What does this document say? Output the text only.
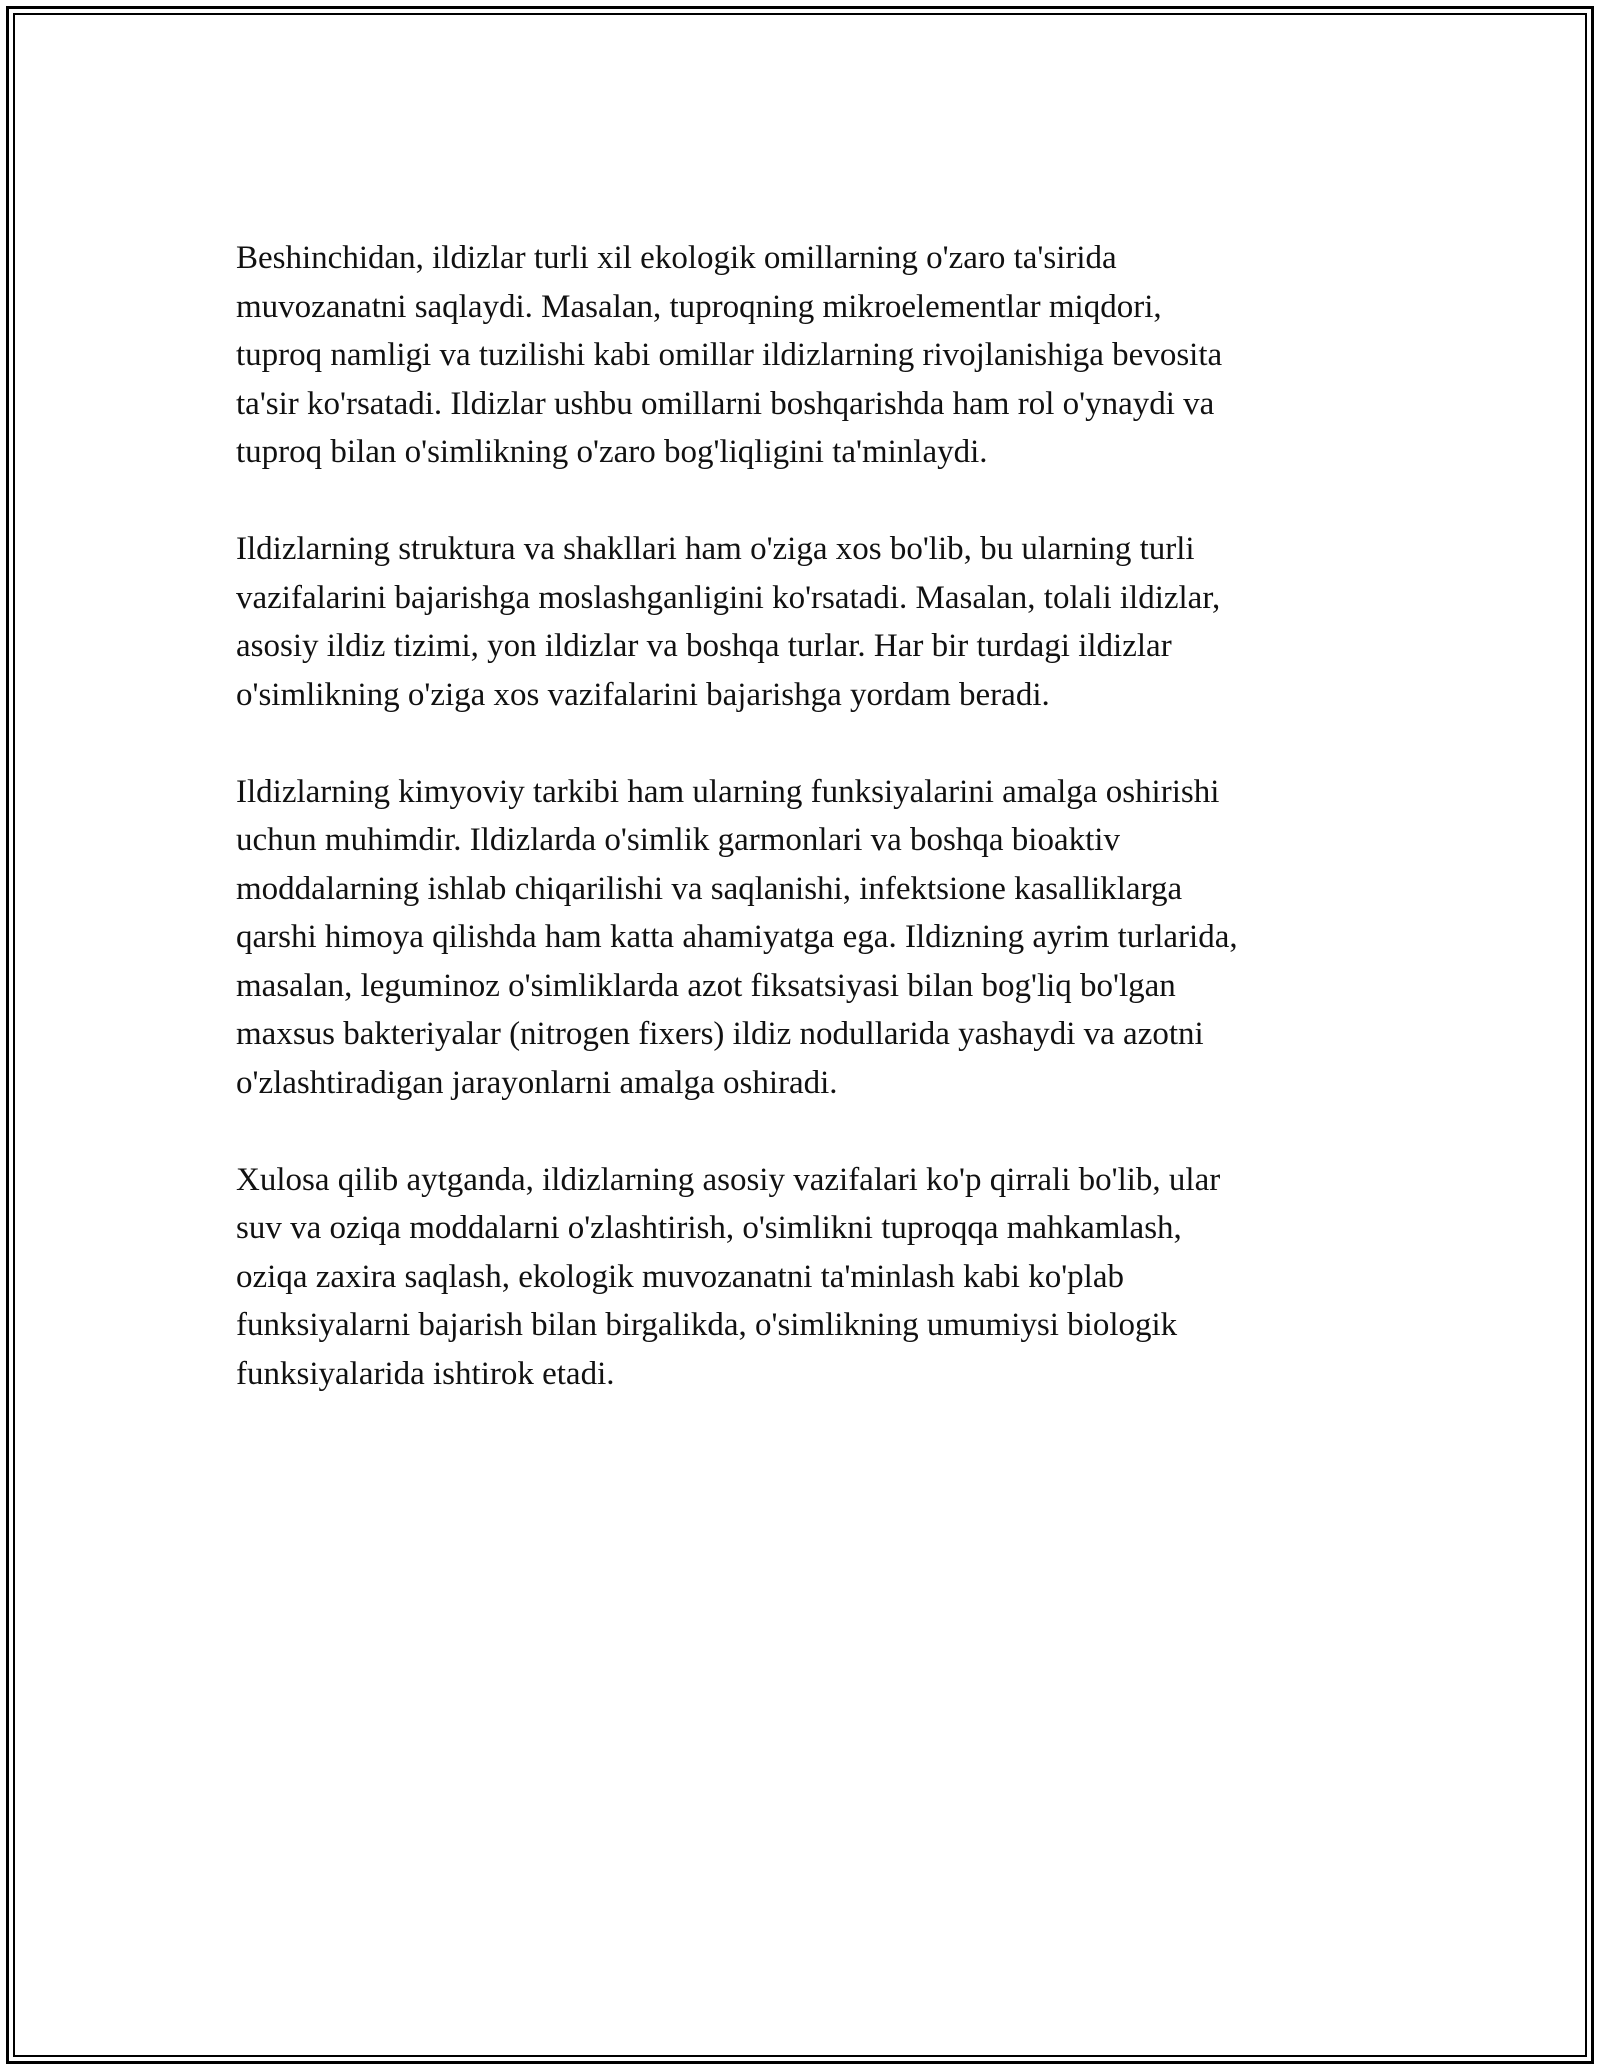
Beshinchidan, ildizlar turli xil ekologik omillarning o'zaro ta'sirida
muvozanatni saqlaydi. Masalan, tuproqning mikroelementlar miqdori,
tuproq namligi va tuzilishi kabi omillar ildizlarning rivojlanishiga bevosita
ta'sir ko'rsatadi. Ildizlar ushbu omillarni boshqarishda ham rol o'ynaydi va
tuproq bilan o'simlikning o'zaro bog'liqligini ta'minlaydi.

Ildizlarning struktura va shakllari ham o'ziga xos bo'lib, bu ularning turli
vazifalarini bajarishga moslashganligini ko'rsatadi. Masalan, tolali ildizlar,
asosiy ildiz tizimi, yon ildizlar va boshqa turlar. Har bir turdagi ildizlar
o'simlikning o'ziga xos vazifalarini bajarishga yordam beradi.

Ildizlarning kimyoviy tarkibi ham ularning funksiyalarini amalga oshirishi
uchun muhimdir. Ildizlarda o'simlik garmonlari va boshqa bioaktiv
moddalarning ishlab chiqarilishi va saqlanishi, infektsione kasalliklarga
qarshi himoya qilishda ham katta ahamiyatga ega. Ildizning ayrim turlarida,
masalan, leguminoz o'simliklarda azot fiksatsiyasi bilan bog'liq bo'lgan
maxsus bakteriyalar (nitrogen fixers) ildiz nodullarida yashaydi va azotni
o'zlashtiradigan jarayonlarni amalga oshiradi.

Xulosa qilib aytganda, ildizlarning asosiy vazifalari ko'p qirrali bo'lib, ular
suv va oziqa moddalarni o'zlashtirish, o'simlikni tuproqqa mahkamlash,
oziqa zaxira saqlash, ekologik muvozanatni ta'minlash kabi ko'plab
funksiyalarni bajarish bilan birgalikda, o'simlikning umumiysi biologik
funksiyalarida ishtirok etadi.
